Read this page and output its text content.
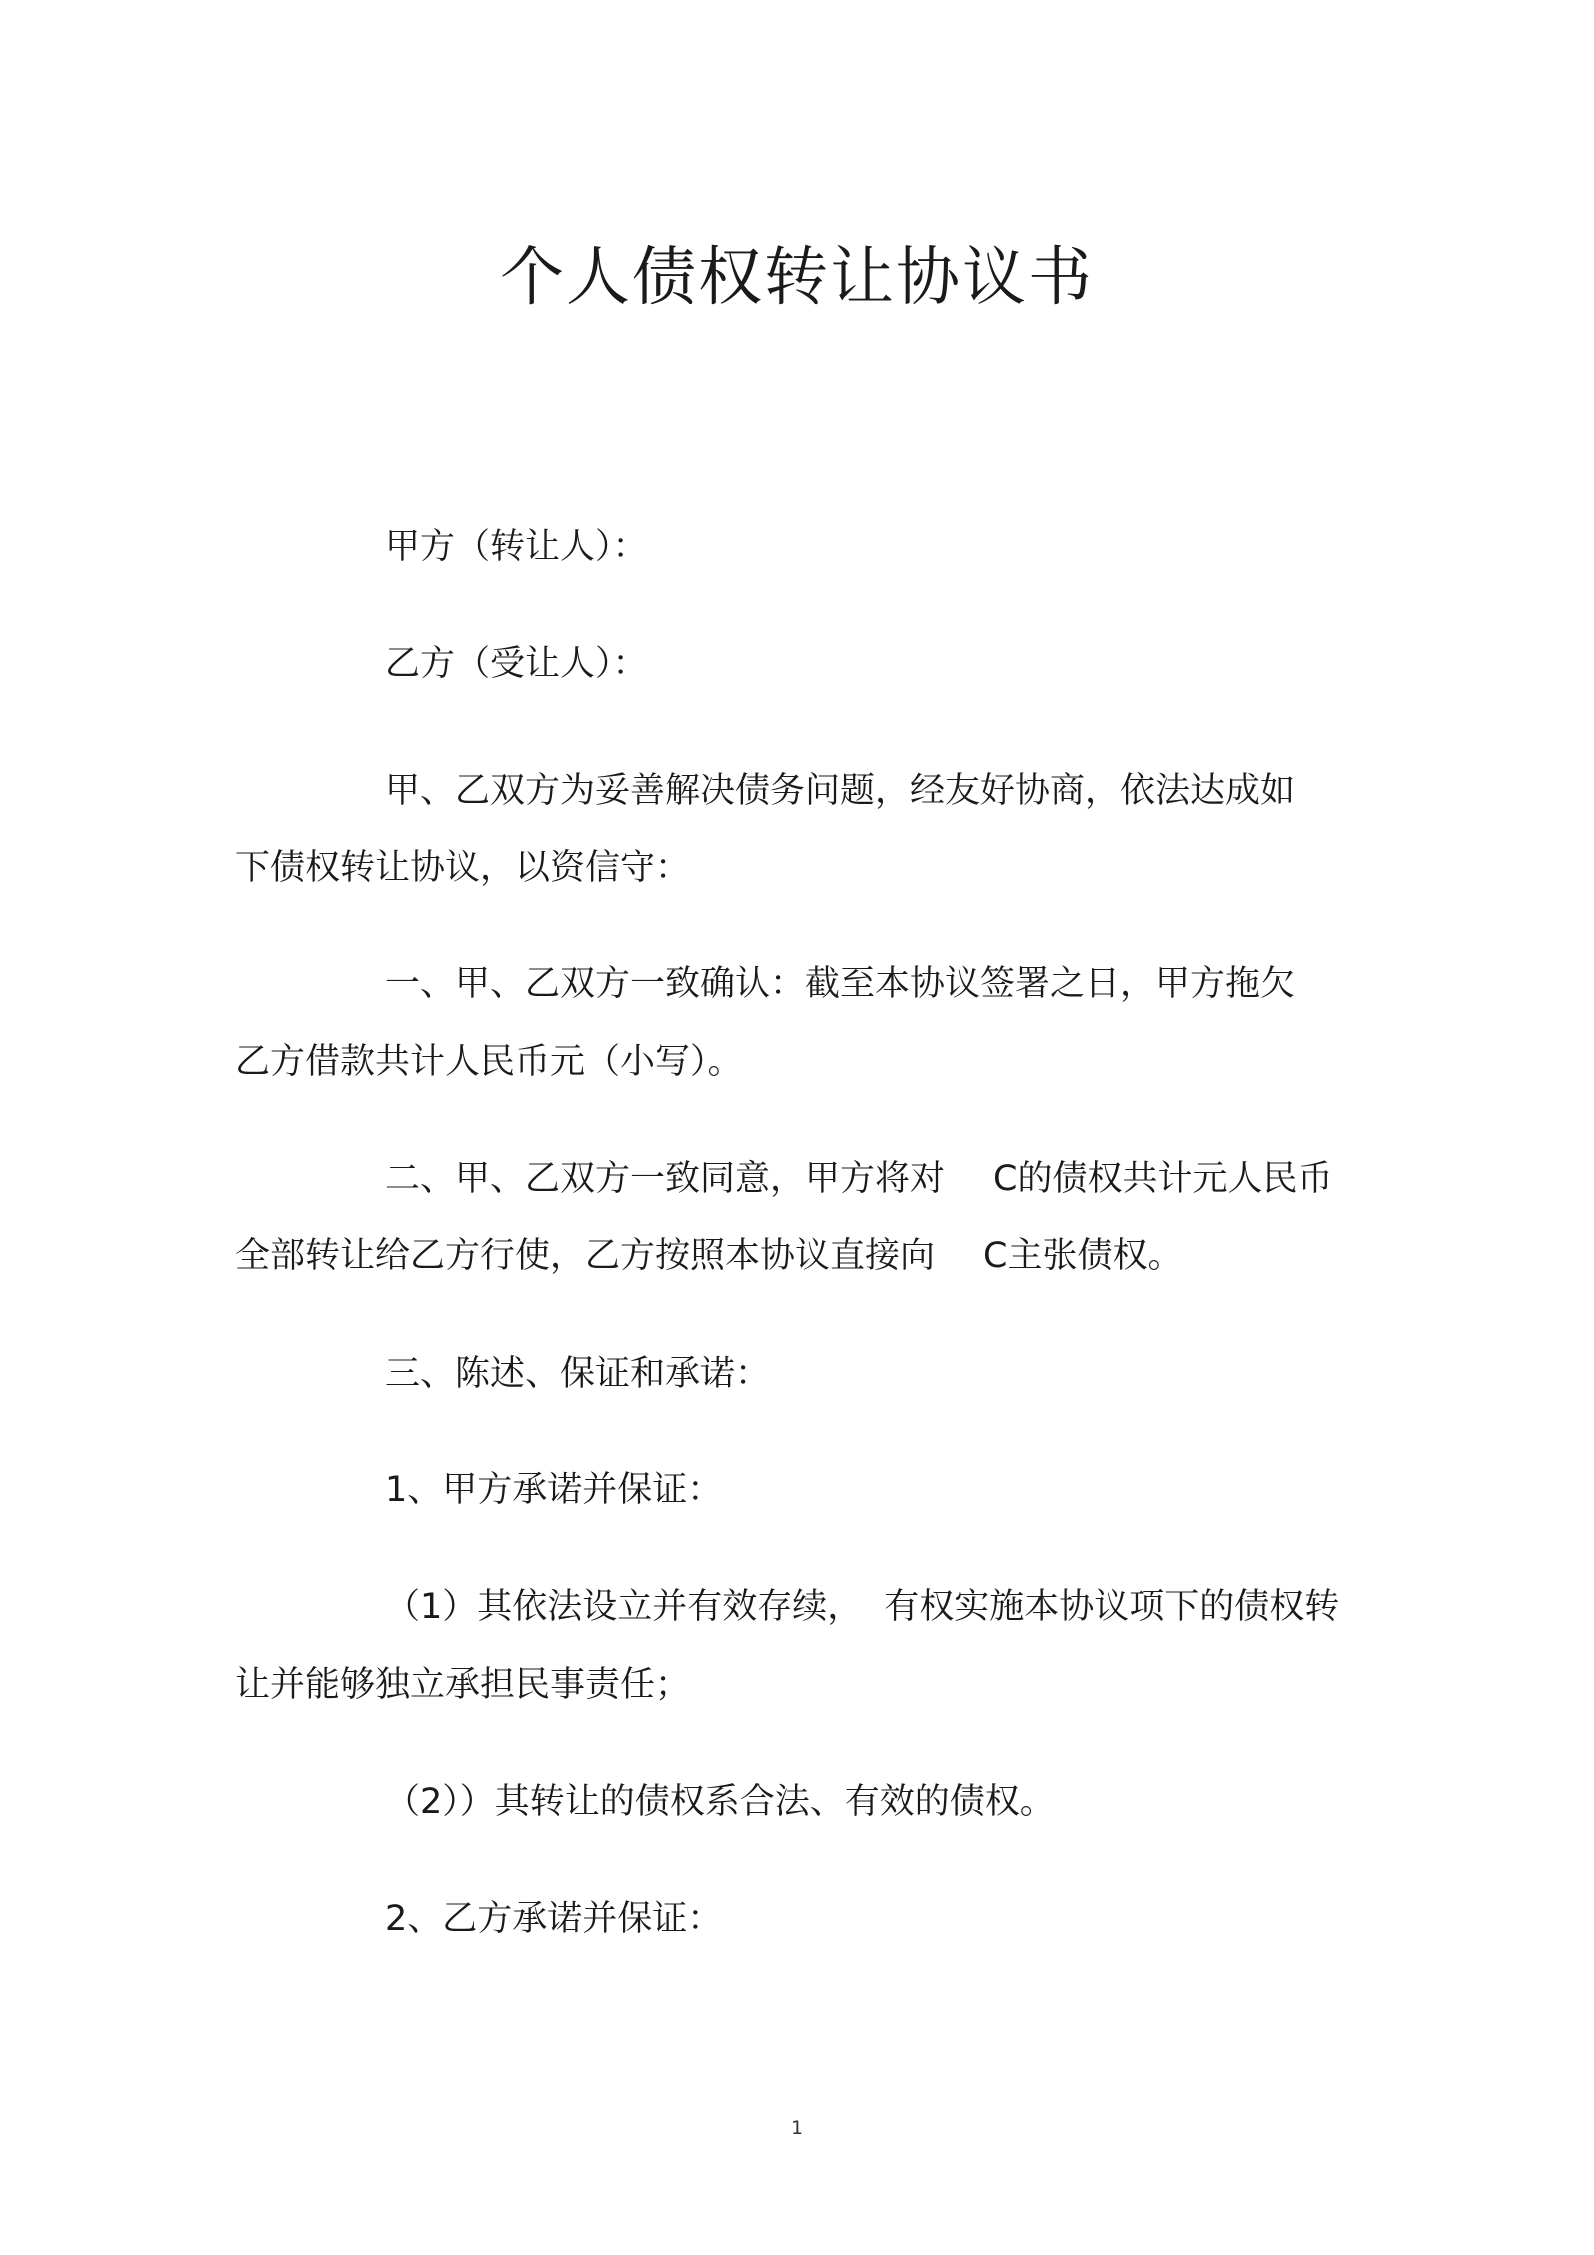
个人债权转让协议书
甲方（转让人）：
乙方（受让人）：
甲、乙双方为妥善解决债务问题，经友好协商，依法达成如
下债权转让协议，以资信守：
一、甲、乙双方一致确认：截至本协议签署之日，甲方拖欠
乙方借款共计人民币元（小写）。
二、甲、乙双方一致同意，甲方将对 C的债权共计元人民币
全部转让给乙方行使，乙方按照本协议直接向 C主张债权。
三、陈述、保证和承诺：
1、甲方承诺并保证：
（1）其依法设立并有效存续， 有权实施本协议项下的债权转
让并能够独立承担民事责任；
（2））其转让的债权系合法、有效的债权。
2、乙方承诺并保证：
1
